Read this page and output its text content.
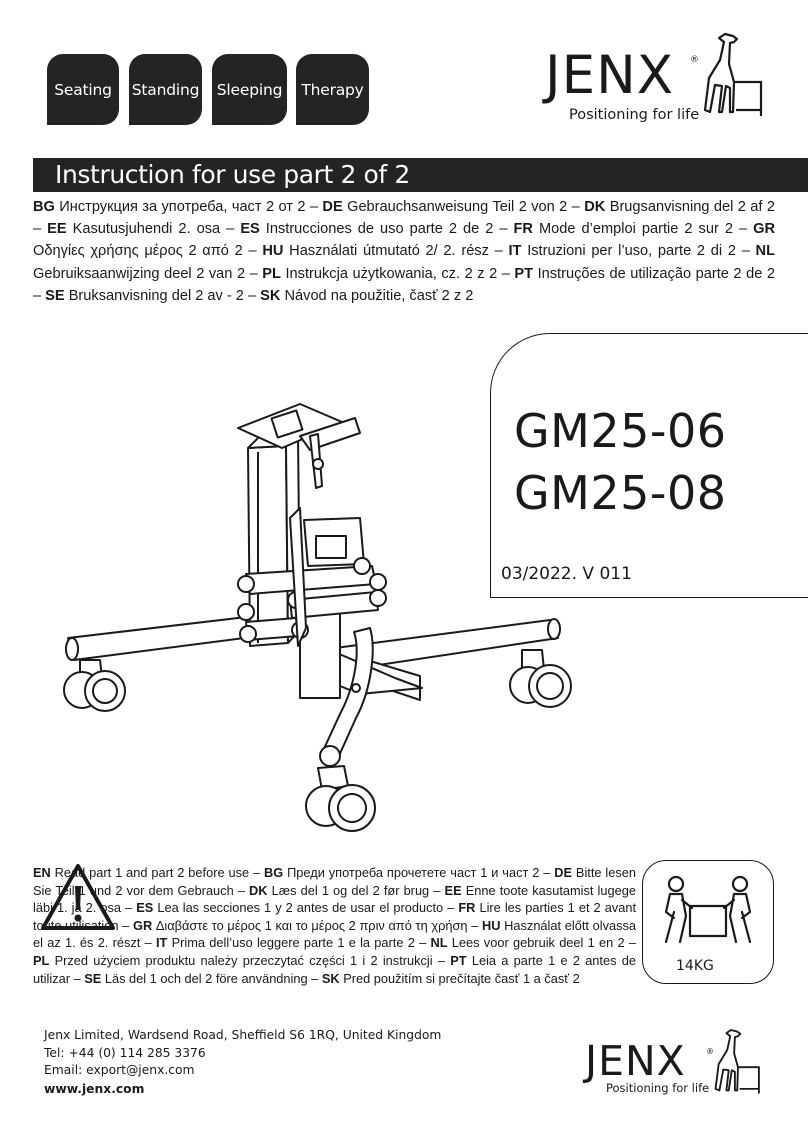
Seating	Standing	Sleeping	Therapy	JENX ®
Positioning for life
Instruction for use part 2 of 2
BG Инструкция за употреба, част 2 от 2 – DE Gebrauchsanweisung Teil 2 von 2 – DK Brugsanvisning del 2 af 2 – EE Kasutusjuhendi 2. osa – ES Instrucciones de uso parte 2 de 2 – FR Mode d’emploi partie 2 sur 2 – GR Οδηγίες χρήσης μέρος 2 από 2 – HU Használati útmutató 2/ 2. rész – IT Istruzioni per l’uso, parte 2 di 2 – NL Gebruiksaanwijzing deel 2 van 2 – PL Instrukcja użytkowania, cz. 2 z 2 – PT Instruções de utilização parte 2 de 2 – SE Bruksanvisning del 2 av - 2 – SK Návod na použitie, časť 2 z 2
GM25-06
GM25-08
03/2022. V 011
EN Read part 1 and part 2 before use – BG Преди употреба прочетете част 1 и част 2 – DE Bitte lesen Sie Teil 1 und 2 vor dem Gebrauch – DK Læs del 1 og del 2 før brug – EE Enne toote kasutamist lugege läbi 1. ja 2. osa – ES Lea las secciones 1 y 2 antes de usar el producto – FR Lire les parties 1 et 2 avant toute utilisation – GR Διαβάστε το μέρος 1 και το μέρος 2 πριν από τη χρήση – HU Használat előtt olvassa el az 1. és 2. részt – IT Prima dell’uso leggere parte 1 e la parte 2 – NL Lees voor gebruik deel 1 en 2 – PL Przed użyciem produktu należy przeczytać części 1 i 2 instrukcji – PT Leia a parte 1 e 2 antes de utilizar – SE Läs del 1 och del 2 före användning – SK Pred použitím si prečítajte časť 1 a časť 2
14KG
Jenx Limited, Wardsend Road, Sheffield S6 1RQ, United Kingdom
Tel: +44 (0) 114 285 3376
Email: export@jenx.com
www.jenx.com
JENX	®
Positioning for life
